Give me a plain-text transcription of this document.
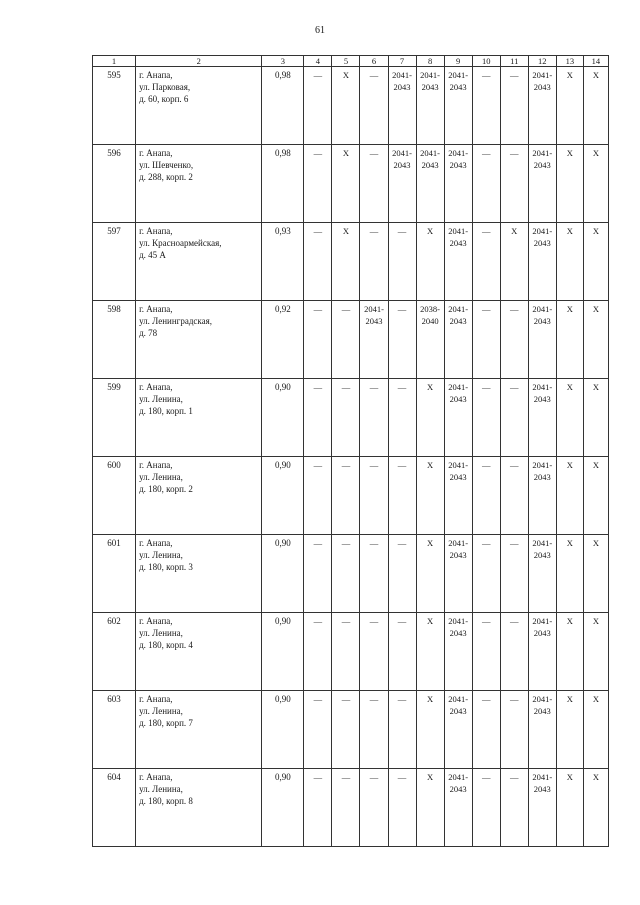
61
1	2	3	4	5	6	7	8	9	10	11	12	13	14
595	г. Анапа,
ул. Парковая,
д. 60, корп. 6	0,98	—	X	—	2041-2043	2041-2043	2041-2043	—	—	2041-2043	X	X
596	г. Анапа,
ул. Шевченко,
д. 288, корп. 2	0,98	—	X	—	2041-2043	2041-2043	2041-2043	—	—	2041-2043	X	X
597	г. Анапа,
ул. Красноармейская,
д. 45 А	0,93	—	X	—	—	X	2041-2043	—	X	2041-2043	X	X
598	г. Анапа,
ул. Ленинградская,
д. 78	0,92	—	—	2041-2043	—	2038-2040	2041-2043	—	—	2041-2043	X	X
599	г. Анапа,
ул. Ленина,
д. 180, корп. 1	0,90	—	—	—	—	X	2041-2043	—	—	2041-2043	X	X
600	г. Анапа,
ул. Ленина,
д. 180, корп. 2	0,90	—	—	—	—	X	2041-2043	—	—	2041-2043	X	X
601	г. Анапа,
ул. Ленина,
д. 180, корп. 3	0,90	—	—	—	—	X	2041-2043	—	—	2041-2043	X	X
602	г. Анапа,
ул. Ленина,
д. 180, корп. 4	0,90	—	—	—	—	X	2041-2043	—	—	2041-2043	X	X
603	г. Анапа,
ул. Ленина,
д. 180, корп. 7	0,90	—	—	—	—	X	2041-2043	—	—	2041-2043	X	X
604	г. Анапа,
ул. Ленина,
д. 180, корп. 8	0,90	—	—	—	—	X	2041-2043	—	—	2041-2043	X	X
